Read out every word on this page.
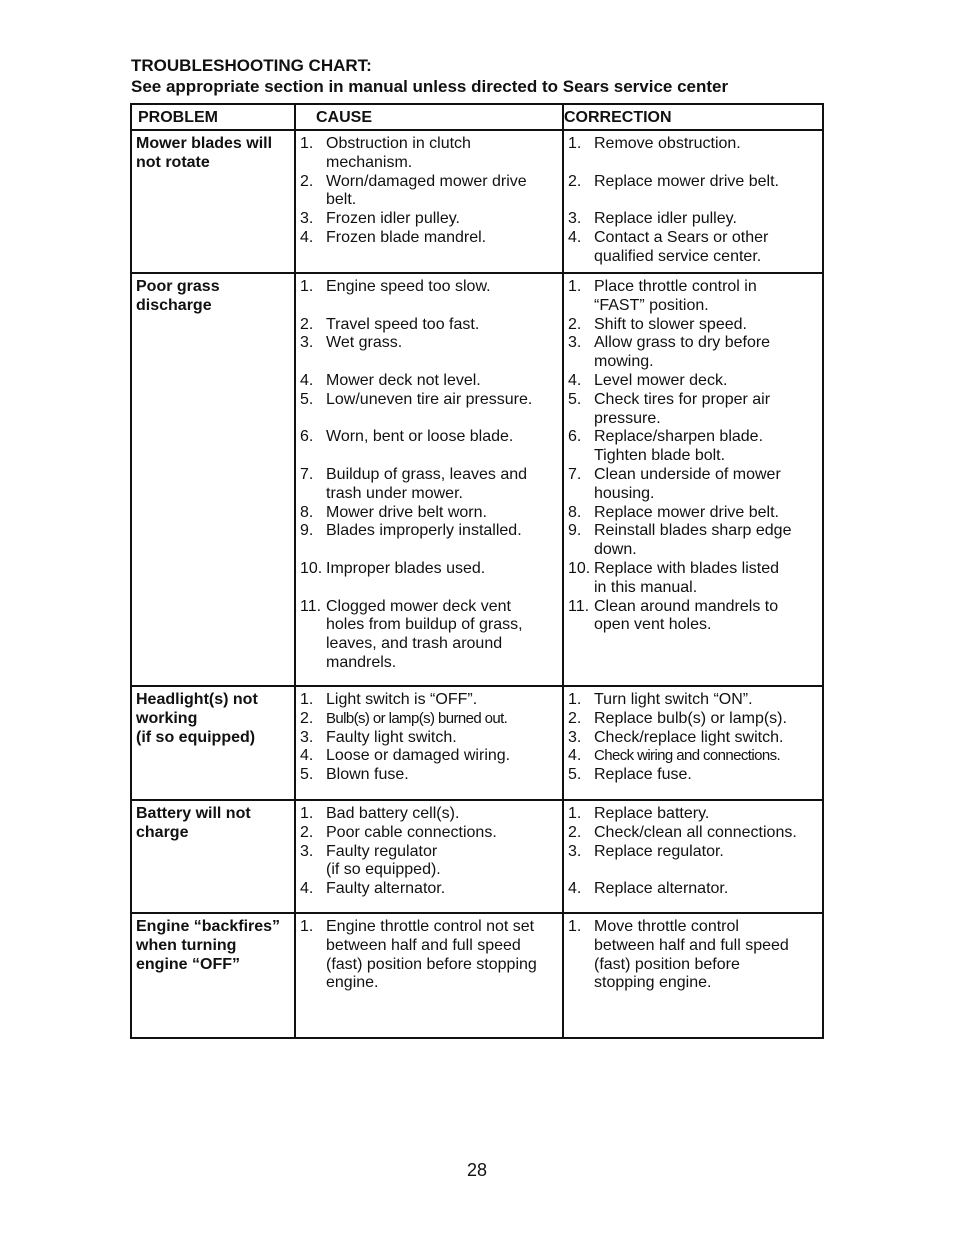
TROUBLESHOOTING CHART:
See appropriate section in manual unless directed to Sears service center
PROBLEM	CAUSE	CORRECTION
Mower blades will
not rotate
1. Obstruction in clutch
mechanism.
2. Worn/damaged mower drive
belt.
3. Frozen idler pulley.
4. Frozen blade mandrel.
1. Remove obstruction.
2. Replace mower drive belt.
3. Replace idler pulley.
4. Contact a Sears or other
qualified service center.
Poor grass
discharge
1. Engine speed too slow.
2. Travel speed too fast.
3. Wet grass.
4. Mower deck not level.
5. Low/uneven tire air pressure.
6. Worn, bent or loose blade.
7. Buildup of grass, leaves and
trash under mower.
8. Mower drive belt worn.
9. Blades improperly installed.
10. Improper blades used.
11. Clogged mower deck vent
holes from buildup of grass,
leaves, and trash around
mandrels.
1. Place throttle control in
“FAST” position.
2. Shift to slower speed.
3. Allow grass to dry before
mowing.
4. Level mower deck.
5. Check tires for proper air
pressure.
6. Replace/sharpen blade.
Tighten blade bolt.
7. Clean underside of mower
housing.
8. Replace mower drive belt.
9. Reinstall blades sharp edge
down.
10. Replace with blades listed
in this manual.
11. Clean around mandrels to
open vent holes.
Headlight(s) not
working
(if so equipped)
1. Light switch is “OFF”.
2. Bulb(s) or lamp(s) burned out.
3. Faulty light switch.
4. Loose or damaged wiring.
5. Blown fuse.
1. Turn light switch “ON”.
2. Replace bulb(s) or lamp(s).
3. Check/replace light switch.
4. Check wiring and connections.
5. Replace fuse.
Battery will not
charge
1. Bad battery cell(s).
2. Poor cable connections.
3. Faulty regulator
(if so equipped).
4. Faulty alternator.
1. Replace battery.
2. Check/clean all connections.
3. Replace regulator.
4. Replace alternator.
Engine “backfires”
when turning
engine “OFF”
1. Engine throttle control not set
between half and full speed
(fast) position before stopping
engine.
1. Move throttle control
between half and full speed
(fast) position before
stopping engine.
28
